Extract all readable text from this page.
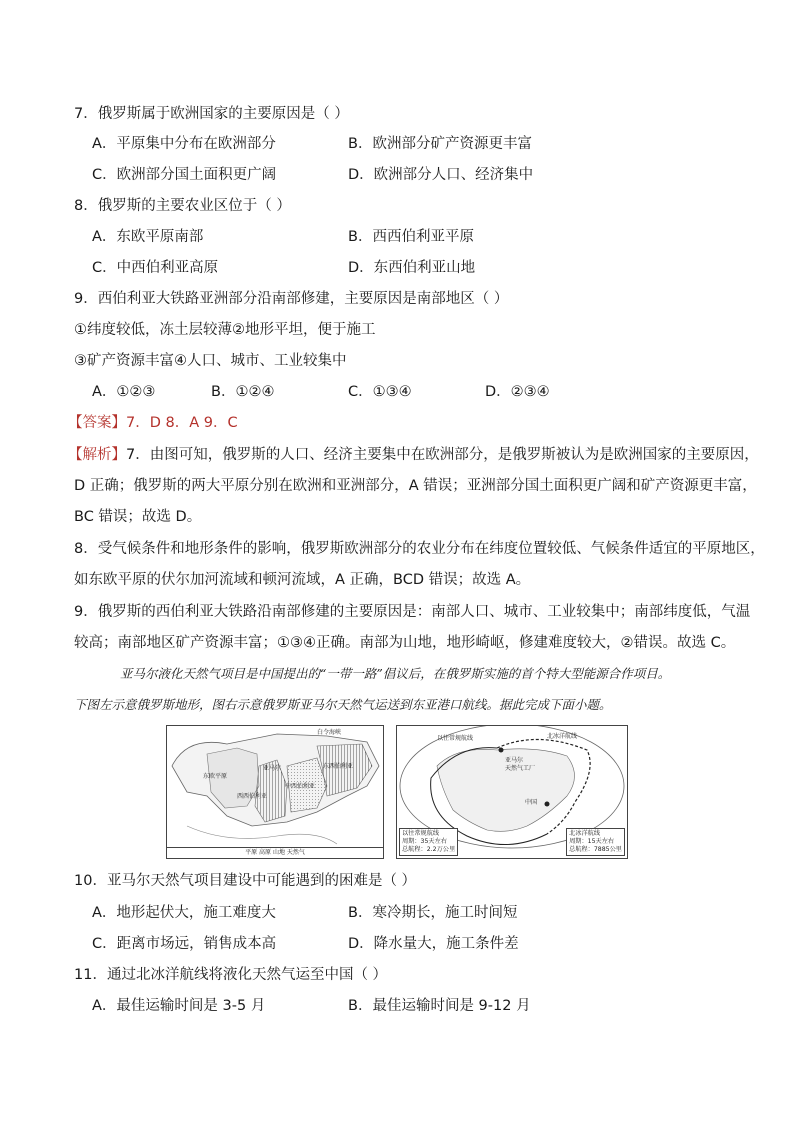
7．俄罗斯属于欧洲国家的主要原因是（ ）
A．平原集中分布在欧洲部分	B．欧洲部分矿产资源更丰富
C．欧洲部分国土面积更广阔	D．欧洲部分人口、经济集中
8．俄罗斯的主要农业区位于（ ）
A．东欧平原南部	B．西西伯利亚平原
C．中西伯利亚高原	D．东西伯利亚山地
9．西伯利亚大铁路亚洲部分沿南部修建，主要原因是南部地区（ ）
①纬度较低，冻土层较薄②地形平坦，便于施工
③矿产资源丰富④人口、城市、工业较集中
A．①②③	B．①②④	C．①③④	D．②③④
【答案】7．D 8．A 9．C
【解析】7．由图可知，俄罗斯的人口、经济主要集中在欧洲部分，是俄罗斯被认为是欧洲国家的主要原因，
D 正确；俄罗斯的两大平原分别在欧洲和亚洲部分，A 错误；亚洲部分国土面积更广阔和矿产资源更丰富，
BC 错误；故选 D。
8．受气候条件和地形条件的影响，俄罗斯欧洲部分的农业分布在纬度位置较低、气候条件适宜的平原地区，
如东欧平原的伏尔加河流域和顿河流域，A 正确，BCD 错误；故选 A。
9．俄罗斯的西伯利亚大铁路沿南部修建的主要原因是：南部人口、城市、工业较集中；南部纬度低，气温
较高；南部地区矿产资源丰富；①③④正确。南部为山地，地形崎岖，修建难度较大，②错误。故选 C。
亚马尔液化天然气项目是中国提出的“一带一路”倡议后，在俄罗斯实施的首个特大型能源合作项目。
下图左示意俄罗斯地形，图右示意俄罗斯亚马尔天然气运送到东亚港口航线。据此完成下面小题。
白令海峡
亚马尔
东欧平原
西西伯利亚
中西伯利亚
东西伯利亚
平原 高原 山地 天然气
北冰洋航线
以往常规航线
亚马尔
天然气工厂
中国
以往常规航线
周期：35天左右
总航程：2.2万公里
北冰洋航线
周期：15天左右
总航程：7885公里
10．亚马尔天然气项目建设中可能遇到的困难是（ ）
A．地形起伏大，施工难度大	B．寒冷期长，施工时间短
C．距离市场远，销售成本高	D．降水量大，施工条件差
11．通过北冰洋航线将液化天然气运至中国（ ）
A．最佳运输时间是 3-5 月	B．最佳运输时间是 9-12 月
